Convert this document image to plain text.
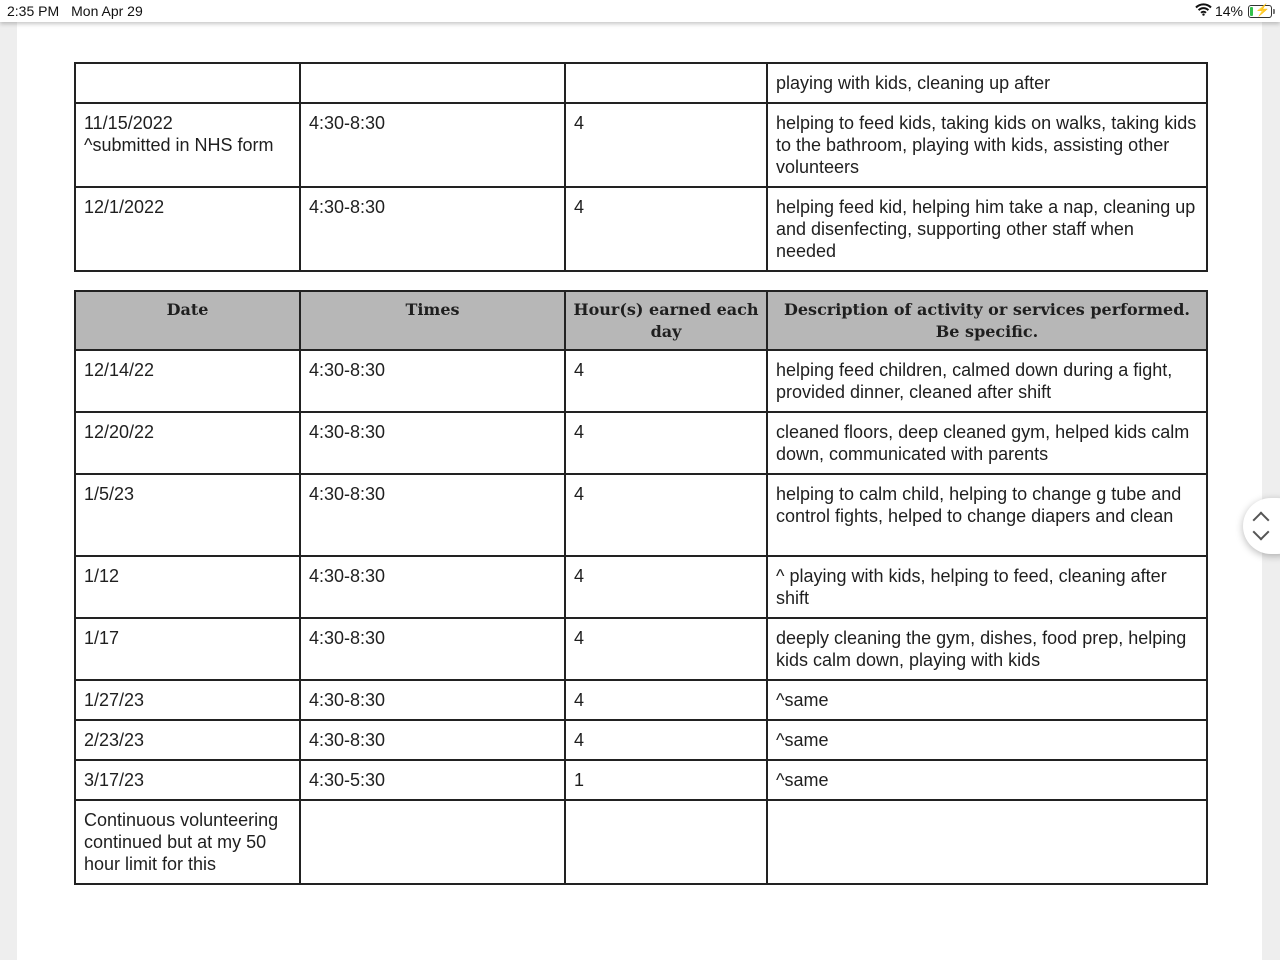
2:35 PM Mon Apr 29	14% ⚡
			playing with kids, cleaning up after
11/15/2022
^submitted in NHS form	4:30-8:30	4	helping to feed kids, taking kids on walks, taking kids to the bathroom, playing with kids, assisting other volunteers
12/1/2022	4:30-8:30	4	helping feed kid, helping him take a nap, cleaning up and disenfecting, supporting other staff when needed
Date	Times	Hour(s) earned each day	Description of activity or services performed. Be specific.
12/14/22	4:30-8:30	4	helping feed children, calmed down during a fight, provided dinner, cleaned after shift
12/20/22	4:30-8:30	4	cleaned floors, deep cleaned gym, helped kids calm down, communicated with parents
1/5/23	4:30-8:30	4	helping to calm child, helping to change g tube and control fights, helped to change diapers and clean
1/12	4:30-8:30	4	^ playing with kids, helping to feed, cleaning after shift
1/17	4:30-8:30	4	deeply cleaning the gym, dishes, food prep, helping kids calm down, playing with kids
1/27/23	4:30-8:30	4	^same
2/23/23	4:30-8:30	4	^same
3/17/23	4:30-5:30	1	^same
Continuous volunteering continued but at my 50 hour limit for this			
